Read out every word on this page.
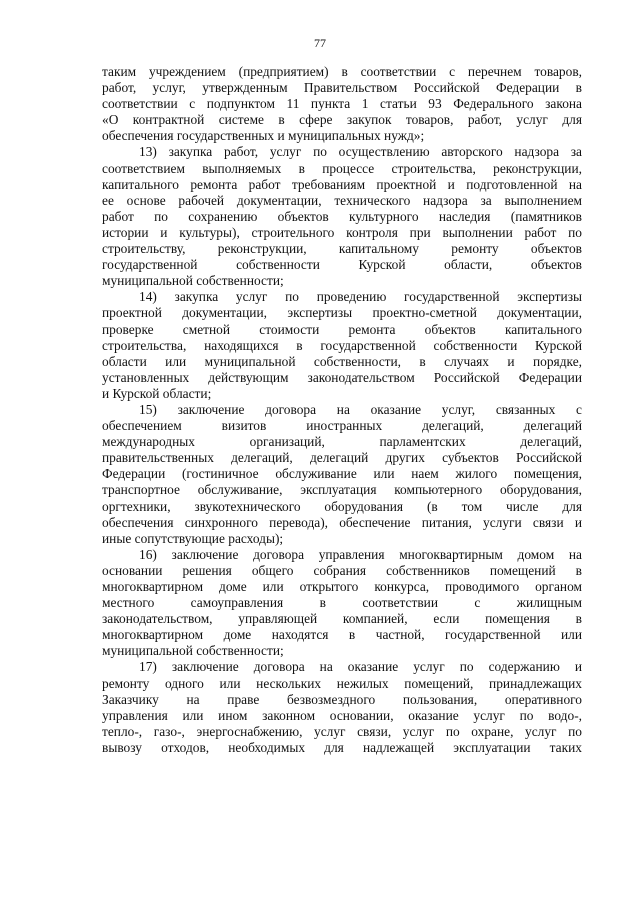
77
таким учреждением (предприятием) в соответствии с перечнем товаров,
работ, услуг, утвержденным Правительством Российской Федерации в
соответствии с подпунктом 11 пункта 1 статьи 93 Федерального закона
«О контрактной системе в сфере закупок товаров, работ, услуг для
обеспечения государственных и муниципальных нужд»;
13) закупка работ, услуг по осуществлению авторского надзора за
соответствием выполняемых в процессе строительства, реконструкции,
капитального ремонта работ требованиям проектной и подготовленной на
ее основе рабочей документации, технического надзора за выполнением
работ по сохранению объектов культурного наследия (памятников
истории и культуры), строительного контроля при выполнении работ по
строительству, реконструкции, капитальному ремонту объектов
государственной собственности Курской области, объектов
муниципальной собственности;
14) закупка услуг по проведению государственной экспертизы
проектной документации, экспертизы проектно-сметной документации,
проверке сметной стоимости ремонта объектов капитального
строительства, находящихся в государственной собственности Курской
области или муниципальной собственности, в случаях и порядке,
установленных действующим законодательством Российской Федерации
и Курской области;
15) заключение договора на оказание услуг, связанных с
обеспечением визитов иностранных делегаций, делегаций
международных организаций, парламентских делегаций,
правительственных делегаций, делегаций других субъектов Российской
Федерации (гостиничное обслуживание или наем жилого помещения,
транспортное обслуживание, эксплуатация компьютерного оборудования,
оргтехники, звукотехнического оборудования (в том числе для
обеспечения синхронного перевода), обеспечение питания, услуги связи и
иные сопутствующие расходы);
16) заключение договора управления многоквартирным домом на
основании решения общего собрания собственников помещений в
многоквартирном доме или открытого конкурса, проводимого органом
местного самоуправления в соответствии с жилищным
законодательством, управляющей компанией, если помещения в
многоквартирном доме находятся в частной, государственной или
муниципальной собственности;
17) заключение договора на оказание услуг по содержанию и
ремонту одного или нескольких нежилых помещений, принадлежащих
Заказчику на праве безвозмездного пользования, оперативного
управления или ином законном основании, оказание услуг по водо-,
тепло-, газо-, энергоснабжению, услуг связи, услуг по охране, услуг по
вывозу отходов, необходимых для надлежащей эксплуатации таких
